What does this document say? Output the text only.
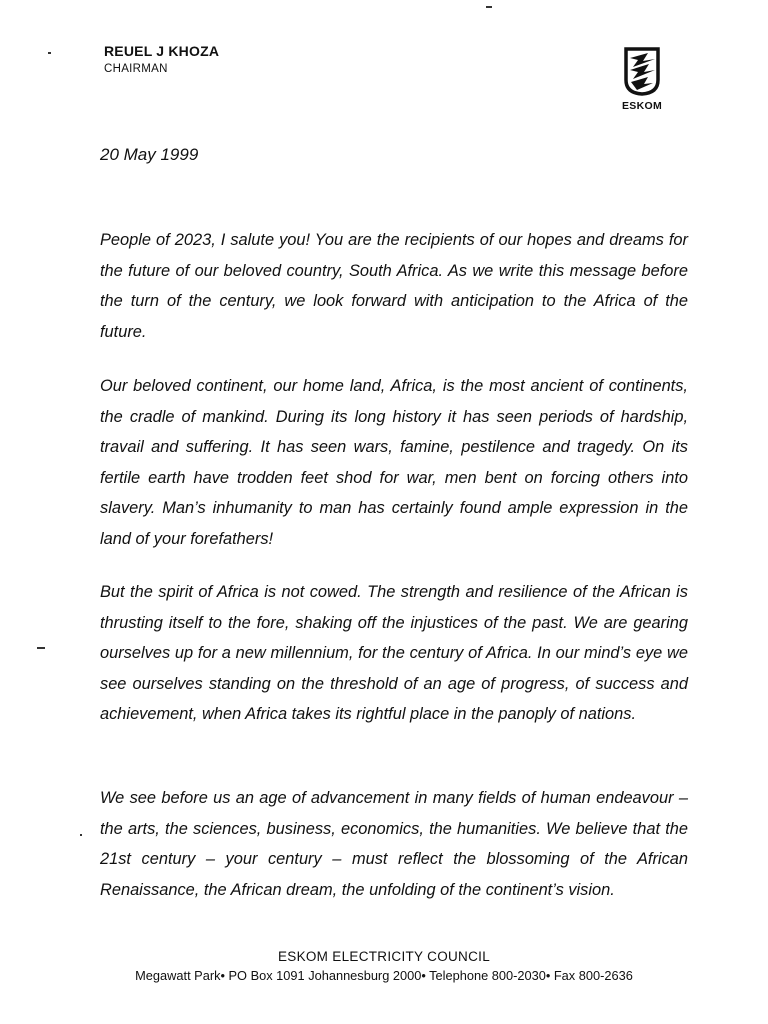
REUEL J KHOZA
CHAIRMAN
ESKOM
20 May 1999

People of 2023, I salute you! You are the recipients of our hopes and dreams for the future of our beloved country, South Africa. As we write this message before the turn of the century, we look forward with anticipation to the Africa of the future.

Our beloved continent, our home land, Africa, is the most ancient of continents, the cradle of mankind. During its long history it has seen periods of hardship, travail and suffering. It has seen wars, famine, pestilence and tragedy. On its fertile earth have trodden feet shod for war, men bent on forcing others into slavery. Man’s inhumanity to man has certainly found ample expression in the land of your forefathers!

But the spirit of Africa is not cowed. The strength and resilience of the African is thrusting itself to the fore, shaking off the injustices of the past. We are gearing ourselves up for a new millennium, for the century of Africa. In our mind’s eye we see ourselves standing on the threshold of an age of progress, of success and achievement, when Africa takes its rightful place in the panoply of nations.

We see before us an age of advancement in many fields of human endeavour – the arts, the sciences, business, economics, the humanities. We believe that the 21st century – your century – must reflect the blossoming of the African Renaissance, the African dream, the unfolding of the continent’s vision.

ESKOM ELECTRICITY COUNCIL
Megawatt Park• PO Box 1091 Johannesburg 2000• Telephone 800-2030• Fax 800-2636
